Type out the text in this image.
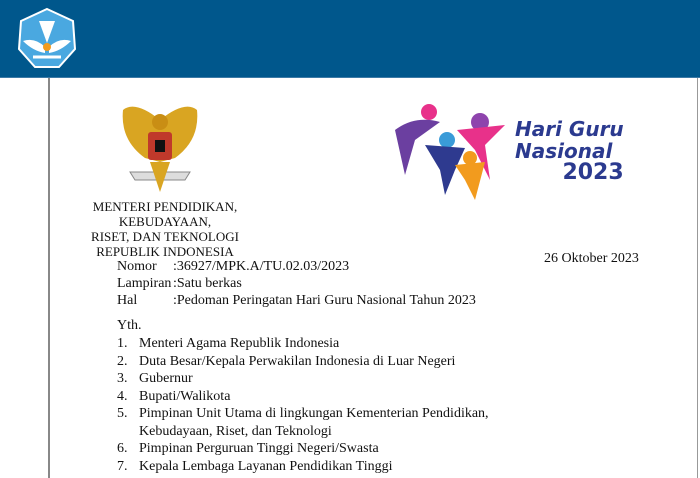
MENTERI PENDIDIKAN, KEBUDAYAAN,
RISET, DAN TEKNOLOGI
REPUBLIK INDONESIA
Hari Guru
Nasional
2023
26 Oktober 2023
Nomor	:	36927/MPK.A/TU.02.03/2023
Lampiran	:	Satu berkas
Hal	:	Pedoman Peringatan Hari Guru Nasional Tahun 2023
Yth.
1. Menteri Agama Republik Indonesia
2. Duta Besar/Kepala Perwakilan Indonesia di Luar Negeri
3. Gubernur
4. Bupati/Walikota
5. Pimpinan Unit Utama di lingkungan Kementerian Pendidikan, Kebudayaan, Riset, dan Teknologi
6. Pimpinan Perguruan Tinggi Negeri/Swasta
7. Kepala Lembaga Layanan Pendidikan Tinggi
